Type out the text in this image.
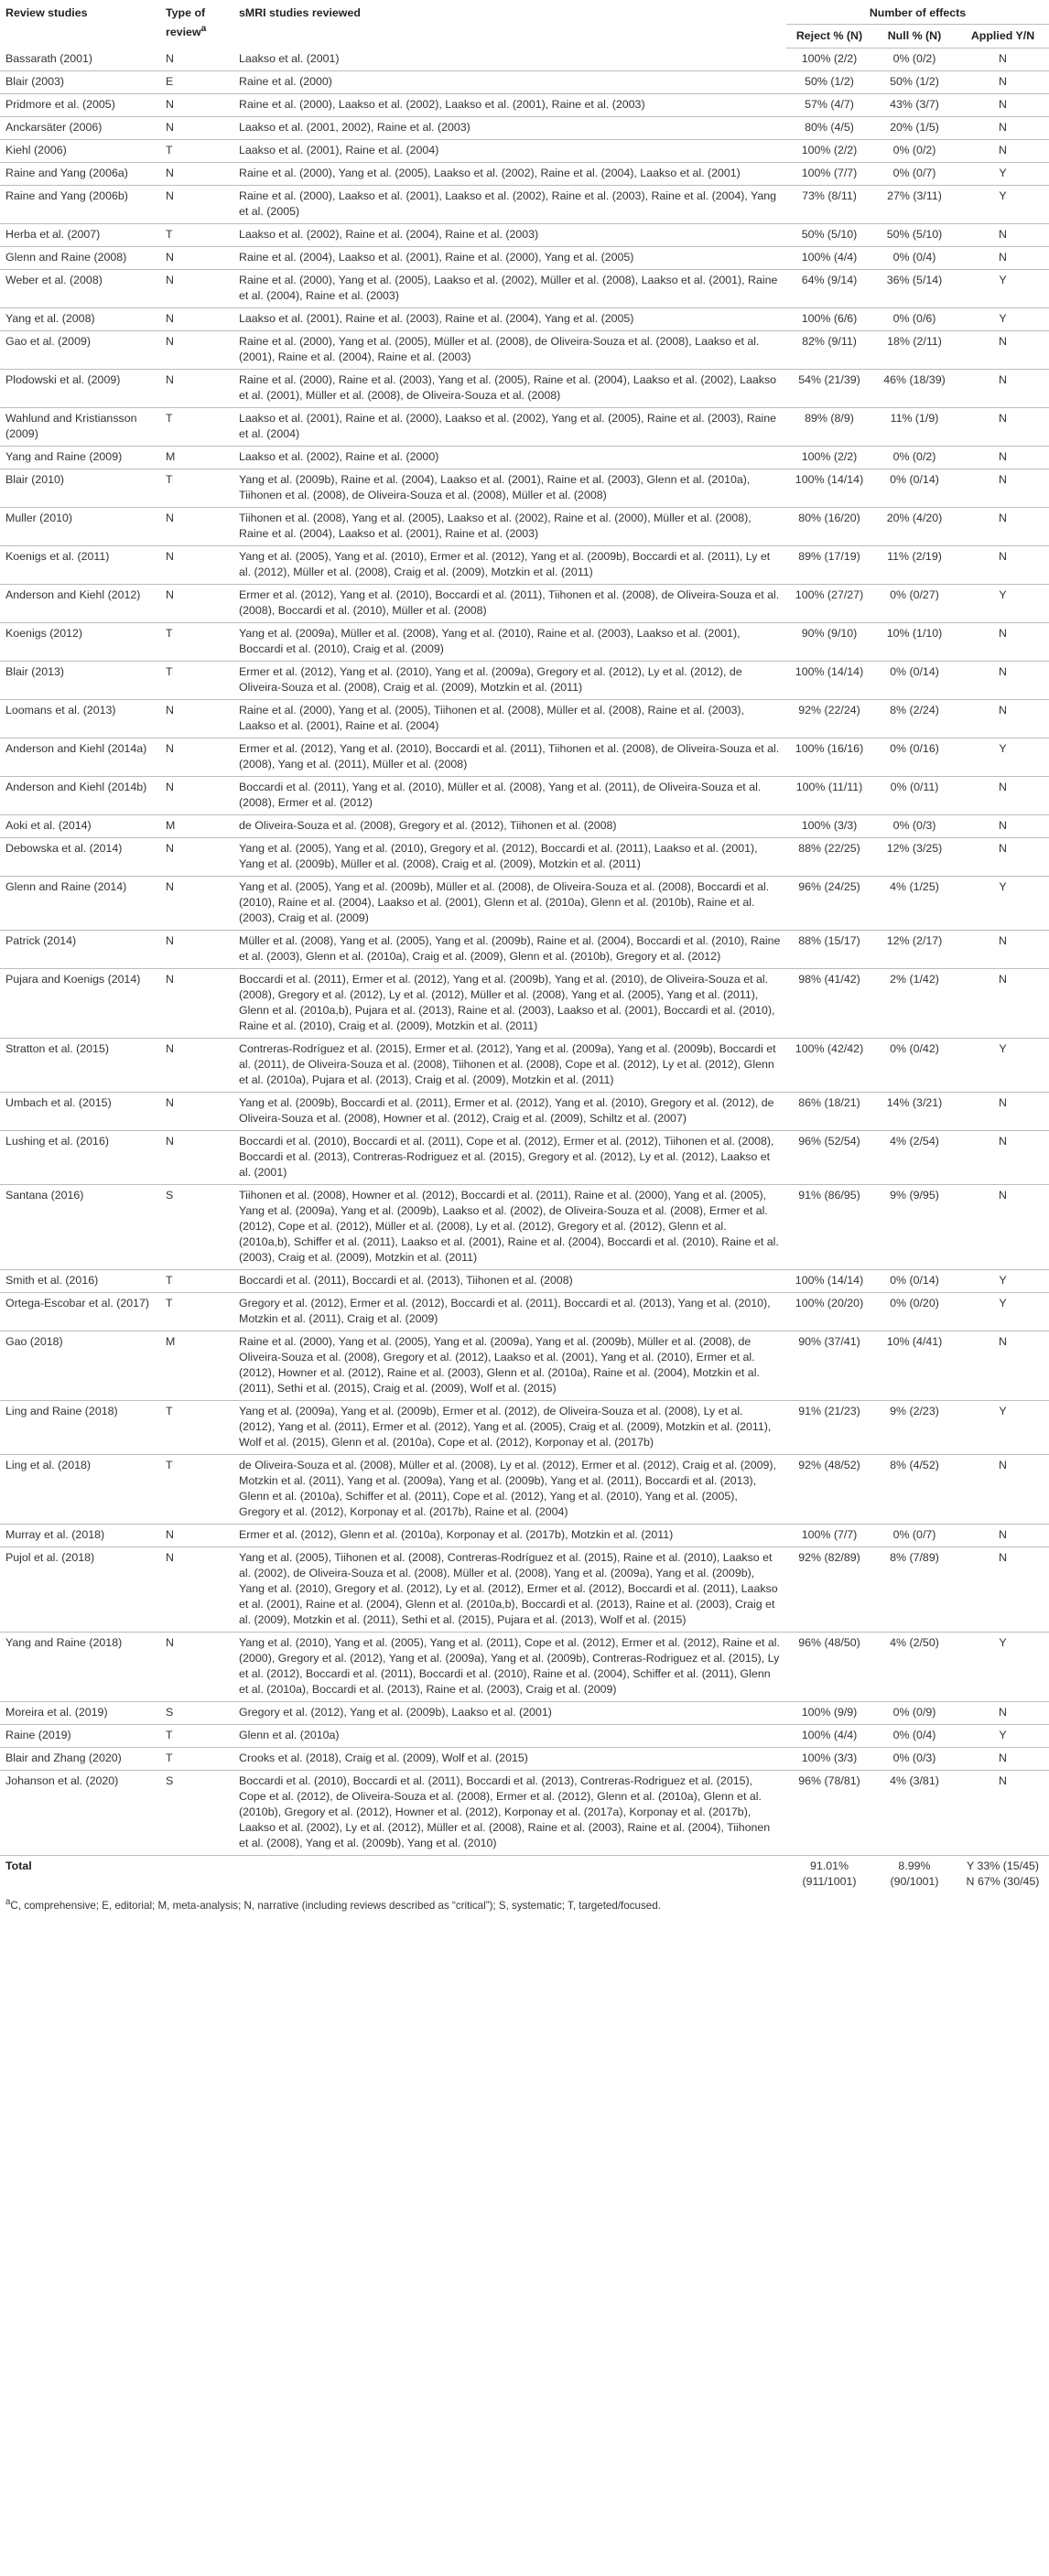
Review studies	Type of review$^a$	sMRI studies reviewed	Number of effects		
			Reject % (N)	Null % (N)	Applied Y/N
Bassarath (2001)	N	Laakso et al. (2001)	100% (2/2)	0% (0/2)	N
Blair (2003)	E	Raine et al. (2000)	50% (1/2)	50% (1/2)	N
Pridmore et al. (2005)	N	Raine et al. (2000), Laakso et al. (2002), Laakso et al. (2001), Raine et al. (2003)	57% (4/7)	43% (3/7)	N
Anckarsäter (2006)	N	Laakso et al. (2001, 2002), Raine et al. (2003)	80% (4/5)	20% (1/5)	N
Kiehl (2006)	T	Laakso et al. (2001), Raine et al. (2004)	100% (2/2)	0% (0/2)	N
Raine and Yang (2006a)	N	Raine et al. (2000), Yang et al. (2005), Laakso et al. (2002), Raine et al. (2004), Laakso et al. (2001)	100% (7/7)	0% (0/7)	Y
Raine and Yang (2006b)	N	Raine et al. (2000), Laakso et al. (2001), Laakso et al. (2002), Raine et al. (2003), Raine et al. (2004), Yang et al. (2005)	73% (8/11)	27% (3/11)	Y
Herba et al. (2007)	T	Laakso et al. (2002), Raine et al. (2004), Raine et al. (2003)	50% (5/10)	50% (5/10)	N
Glenn and Raine (2008)	N	Raine et al. (2004), Laakso et al. (2001), Raine et al. (2000), Yang et al. (2005)	100% (4/4)	0% (0/4)	N
Weber et al. (2008)	N	Raine et al. (2000), Yang et al. (2005), Laakso et al. (2002), Müller et al. (2008), Laakso et al. (2001), Raine et al. (2004), Raine et al. (2003)	64% (9/14)	36% (5/14)	Y
Yang et al. (2008)	N	Laakso et al. (2001), Raine et al. (2003), Raine et al. (2004), Yang et al. (2005)	100% (6/6)	0% (0/6)	Y
Gao et al. (2009)	N	Raine et al. (2000), Yang et al. (2005), Müller et al. (2008), de Oliveira-Souza et al. (2008), Laakso et al. (2001), Raine et al. (2004), Raine et al. (2003)	82% (9/11)	18% (2/11)	N
Plodowski et al. (2009)	N	Raine et al. (2000), Raine et al. (2003), Yang et al. (2005), Raine et al. (2004), Laakso et al. (2002), Laakso et al. (2001), Müller et al. (2008), de Oliveira-Souza et al. (2008)	54% (21/39)	46% (18/39)	N
Wahlund and Kristiansson (2009)	T	Laakso et al. (2001), Raine et al. (2000), Laakso et al. (2002), Yang et al. (2005), Raine et al. (2003), Raine et al. (2004)	89% (8/9)	11% (1/9)	N
Yang and Raine (2009)	M	Laakso et al. (2002), Raine et al. (2000)	100% (2/2)	0% (0/2)	N
Blair (2010)	T	Yang et al. (2009b), Raine et al. (2004), Laakso et al. (2001), Raine et al. (2003), Glenn et al. (2010a), Tiihonen et al. (2008), de Oliveira-Souza et al. (2008), Müller et al. (2008)	100% (14/14)	0% (0/14)	N
Muller (2010)	N	Tiihonen et al. (2008), Yang et al. (2005), Laakso et al. (2002), Raine et al. (2000), Müller et al. (2008), Raine et al. (2004), Laakso et al. (2001), Raine et al. (2003)	80% (16/20)	20% (4/20)	N
Koenigs et al. (2011)	N	Yang et al. (2005), Yang et al. (2010), Ermer et al. (2012), Yang et al. (2009b), Boccardi et al. (2011), Ly et al. (2012), Müller et al. (2008), Craig et al. (2009), Motzkin et al. (2011)	89% (17/19)	11% (2/19)	N
Anderson and Kiehl (2012)	N	Ermer et al. (2012), Yang et al. (2010), Boccardi et al. (2011), Tiihonen et al. (2008), de Oliveira-Souza et al. (2008), Boccardi et al. (2010), Müller et al. (2008)	100% (27/27)	0% (0/27)	Y
Koenigs (2012)	T	Yang et al. (2009a), Müller et al. (2008), Yang et al. (2010), Raine et al. (2003), Laakso et al. (2001), Boccardi et al. (2010), Craig et al. (2009)	90% (9/10)	10% (1/10)	N
Blair (2013)	T	Ermer et al. (2012), Yang et al. (2010), Yang et al. (2009a), Gregory et al. (2012), Ly et al. (2012), de Oliveira-Souza et al. (2008), Craig et al. (2009), Motzkin et al. (2011)	100% (14/14)	0% (0/14)	N
Loomans et al. (2013)	N	Raine et al. (2000), Yang et al. (2005), Tiihonen et al. (2008), Müller et al. (2008), Raine et al. (2003), Laakso et al. (2001), Raine et al. (2004)	92% (22/24)	8% (2/24)	N
Anderson and Kiehl (2014a)	N	Ermer et al. (2012), Yang et al. (2010), Boccardi et al. (2011), Tiihonen et al. (2008), de Oliveira-Souza et al. (2008), Yang et al. (2011), Müller et al. (2008)	100% (16/16)	0% (0/16)	Y
Anderson and Kiehl (2014b)	N	Boccardi et al. (2011), Yang et al. (2010), Müller et al. (2008), Yang et al. (2011), de Oliveira-Souza et al. (2008), Ermer et al. (2012)	100% (11/11)	0% (0/11)	N
Aoki et al. (2014)	M	de Oliveira-Souza et al. (2008), Gregory et al. (2012), Tiihonen et al. (2008)	100% (3/3)	0% (0/3)	N
Debowska et al. (2014)	N	Yang et al. (2005), Yang et al. (2010), Gregory et al. (2012), Boccardi et al. (2011), Laakso et al. (2001), Yang et al. (2009b), Müller et al. (2008), Craig et al. (2009), Motzkin et al. (2011)	88% (22/25)	12% (3/25)	N
Glenn and Raine (2014)	N	Yang et al. (2005), Yang et al. (2009b), Müller et al. (2008), de Oliveira-Souza et al. (2008), Boccardi et al. (2010), Raine et al. (2004), Laakso et al. (2001), Glenn et al. (2010a), Glenn et al. (2010b), Raine et al. (2003), Craig et al. (2009)	96% (24/25)	4% (1/25)	Y
Patrick (2014)	N	Müller et al. (2008), Yang et al. (2005), Yang et al. (2009b), Raine et al. (2004), Boccardi et al. (2010), Raine et al. (2003), Glenn et al. (2010a), Craig et al. (2009), Glenn et al. (2010b), Gregory et al. (2012)	88% (15/17)	12% (2/17)	N
Pujara and Koenigs (2014)	N	Boccardi et al. (2011), Ermer et al. (2012), Yang et al. (2009b), Yang et al. (2010), de Oliveira-Souza et al. (2008), Gregory et al. (2012), Ly et al. (2012), Müller et al. (2008), Yang et al. (2005), Yang et al. (2011), Glenn et al. (2010a,b), Pujara et al. (2013), Raine et al. (2003), Laakso et al. (2001), Boccardi et al. (2010), Raine et al. (2010), Craig et al. (2009), Motzkin et al. (2011)	98% (41/42)	2% (1/42)	N
Stratton et al. (2015)	N	Contreras-Rodríguez et al. (2015), Ermer et al. (2012), Yang et al. (2009a), Yang et al. (2009b), Boccardi et al. (2011), de Oliveira-Souza et al. (2008), Tiihonen et al. (2008), Cope et al. (2012), Ly et al. (2012), Glenn et al. (2010a), Pujara et al. (2013), Craig et al. (2009), Motzkin et al. (2011)	100% (42/42)	0% (0/42)	Y
Umbach et al. (2015)	N	Yang et al. (2009b), Boccardi et al. (2011), Ermer et al. (2012), Yang et al. (2010), Gregory et al. (2012), de Oliveira-Souza et al. (2008), Howner et al. (2012), Craig et al. (2009), Schiltz et al. (2007)	86% (18/21)	14% (3/21)	N
Lushing et al. (2016)	N	Boccardi et al. (2010), Boccardi et al. (2011), Cope et al. (2012), Ermer et al. (2012), Tiihonen et al. (2008), Boccardi et al. (2013), Contreras-Rodriguez et al. (2015), Gregory et al. (2012), Ly et al. (2012), Laakso et al. (2001)	96% (52/54)	4% (2/54)	N
Santana (2016)	S	Tiihonen et al. (2008), Howner et al. (2012), Boccardi et al. (2011), Raine et al. (2000), Yang et al. (2005), Yang et al. (2009a), Yang et al. (2009b), Laakso et al. (2002), de Oliveira-Souza et al. (2008), Ermer et al. (2012), Cope et al. (2012), Müller et al. (2008), Ly et al. (2012), Gregory et al. (2012), Glenn et al. (2010a,b), Schiffer et al. (2011), Laakso et al. (2001), Raine et al. (2004), Boccardi et al. (2010), Raine et al. (2003), Craig et al. (2009), Motzkin et al. (2011)	91% (86/95)	9% (9/95)	N
Smith et al. (2016)	T	Boccardi et al. (2011), Boccardi et al. (2013), Tiihonen et al. (2008)	100% (14/14)	0% (0/14)	Y
Ortega-Escobar et al. (2017)	T	Gregory et al. (2012), Ermer et al. (2012), Boccardi et al. (2011), Boccardi et al. (2013), Yang et al. (2010), Motzkin et al. (2011), Craig et al. (2009)	100% (20/20)	0% (0/20)	Y
Gao (2018)	M	Raine et al. (2000), Yang et al. (2005), Yang et al. (2009a), Yang et al. (2009b), Müller et al. (2008), de Oliveira-Souza et al. (2008), Gregory et al. (2012), Laakso et al. (2001), Yang et al. (2010), Ermer et al. (2012), Howner et al. (2012), Raine et al. (2003), Glenn et al. (2010a), Raine et al. (2004), Motzkin et al. (2011), Sethi et al. (2015), Craig et al. (2009), Wolf et al. (2015)	90% (37/41)	10% (4/41)	N
Ling and Raine (2018)	T	Yang et al. (2009a), Yang et al. (2009b), Ermer et al. (2012), de Oliveira-Souza et al. (2008), Ly et al. (2012), Yang et al. (2011), Ermer et al. (2012), Yang et al. (2005), Craig et al. (2009), Motzkin et al. (2011), Wolf et al. (2015), Glenn et al. (2010a), Cope et al. (2012), Korponay et al. (2017b)	91% (21/23)	9% (2/23)	Y
Ling et al. (2018)	T	de Oliveira-Souza et al. (2008), Müller et al. (2008), Ly et al. (2012), Ermer et al. (2012), Craig et al. (2009), Motzkin et al. (2011), Yang et al. (2009a), Yang et al. (2009b), Yang et al. (2011), Boccardi et al. (2013), Glenn et al. (2010a), Schiffer et al. (2011), Cope et al. (2012), Yang et al. (2010), Yang et al. (2005), Gregory et al. (2012), Korponay et al. (2017b), Raine et al. (2004)	92% (48/52)	8% (4/52)	N
Murray et al. (2018)	N	Ermer et al. (2012), Glenn et al. (2010a), Korponay et al. (2017b), Motzkin et al. (2011)	100% (7/7)	0% (0/7)	N
Pujol et al. (2018)	N	Yang et al. (2005), Tiihonen et al. (2008), Contreras-Rodríguez et al. (2015), Raine et al. (2010), Laakso et al. (2002), de Oliveira-Souza et al. (2008), Müller et al. (2008), Yang et al. (2009a), Yang et al. (2009b), Yang et al. (2010), Gregory et al. (2012), Ly et al. (2012), Ermer et al. (2012), Boccardi et al. (2011), Laakso et al. (2001), Raine et al. (2004), Glenn et al. (2010a,b), Boccardi et al. (2013), Raine et al. (2003), Craig et al. (2009), Motzkin et al. (2011), Sethi et al. (2015), Pujara et al. (2013), Wolf et al. (2015)	92% (82/89)	8% (7/89)	N
Yang and Raine (2018)	N	Yang et al. (2010), Yang et al. (2005), Yang et al. (2011), Cope et al. (2012), Ermer et al. (2012), Raine et al. (2000), Gregory et al. (2012), Yang et al. (2009a), Yang et al. (2009b), Contreras-Rodriguez et al. (2015), Ly et al. (2012), Boccardi et al. (2011), Boccardi et al. (2010), Raine et al. (2004), Schiffer et al. (2011), Glenn et al. (2010a), Boccardi et al. (2013), Raine et al. (2003), Craig et al. (2009)	96% (48/50)	4% (2/50)	Y
Moreira et al. (2019)	S	Gregory et al. (2012), Yang et al. (2009b), Laakso et al. (2001)	100% (9/9)	0% (0/9)	N
Raine (2019)	T	Glenn et al. (2010a)	100% (4/4)	0% (0/4)	Y
Blair and Zhang (2020)	T	Crooks et al. (2018), Craig et al. (2009), Wolf et al. (2015)	100% (3/3)	0% (0/3)	N
Johanson et al. (2020)	S	Boccardi et al. (2010), Boccardi et al. (2011), Boccardi et al. (2013), Contreras-Rodriguez et al. (2015), Cope et al. (2012), de Oliveira-Souza et al. (2008), Ermer et al. (2012), Glenn et al. (2010a), Glenn et al. (2010b), Gregory et al. (2012), Howner et al. (2012), Korponay et al. (2017a), Korponay et al. (2017b), Laakso et al. (2002), Ly et al. (2012), Müller et al. (2008), Raine et al. (2003), Raine et al. (2004), Tiihonen et al. (2008), Yang et al. (2009b), Yang et al. (2010)	96% (78/81)	4% (3/81)	N
Total			91.01% (911/1001)	8.99% (90/1001)	Y 33% (15/45) N 67% (30/45)
$^a$C, comprehensive; E, editorial; M, meta-analysis; N, narrative (including reviews described as “critical”); S, systematic; T, targeted/focused.
